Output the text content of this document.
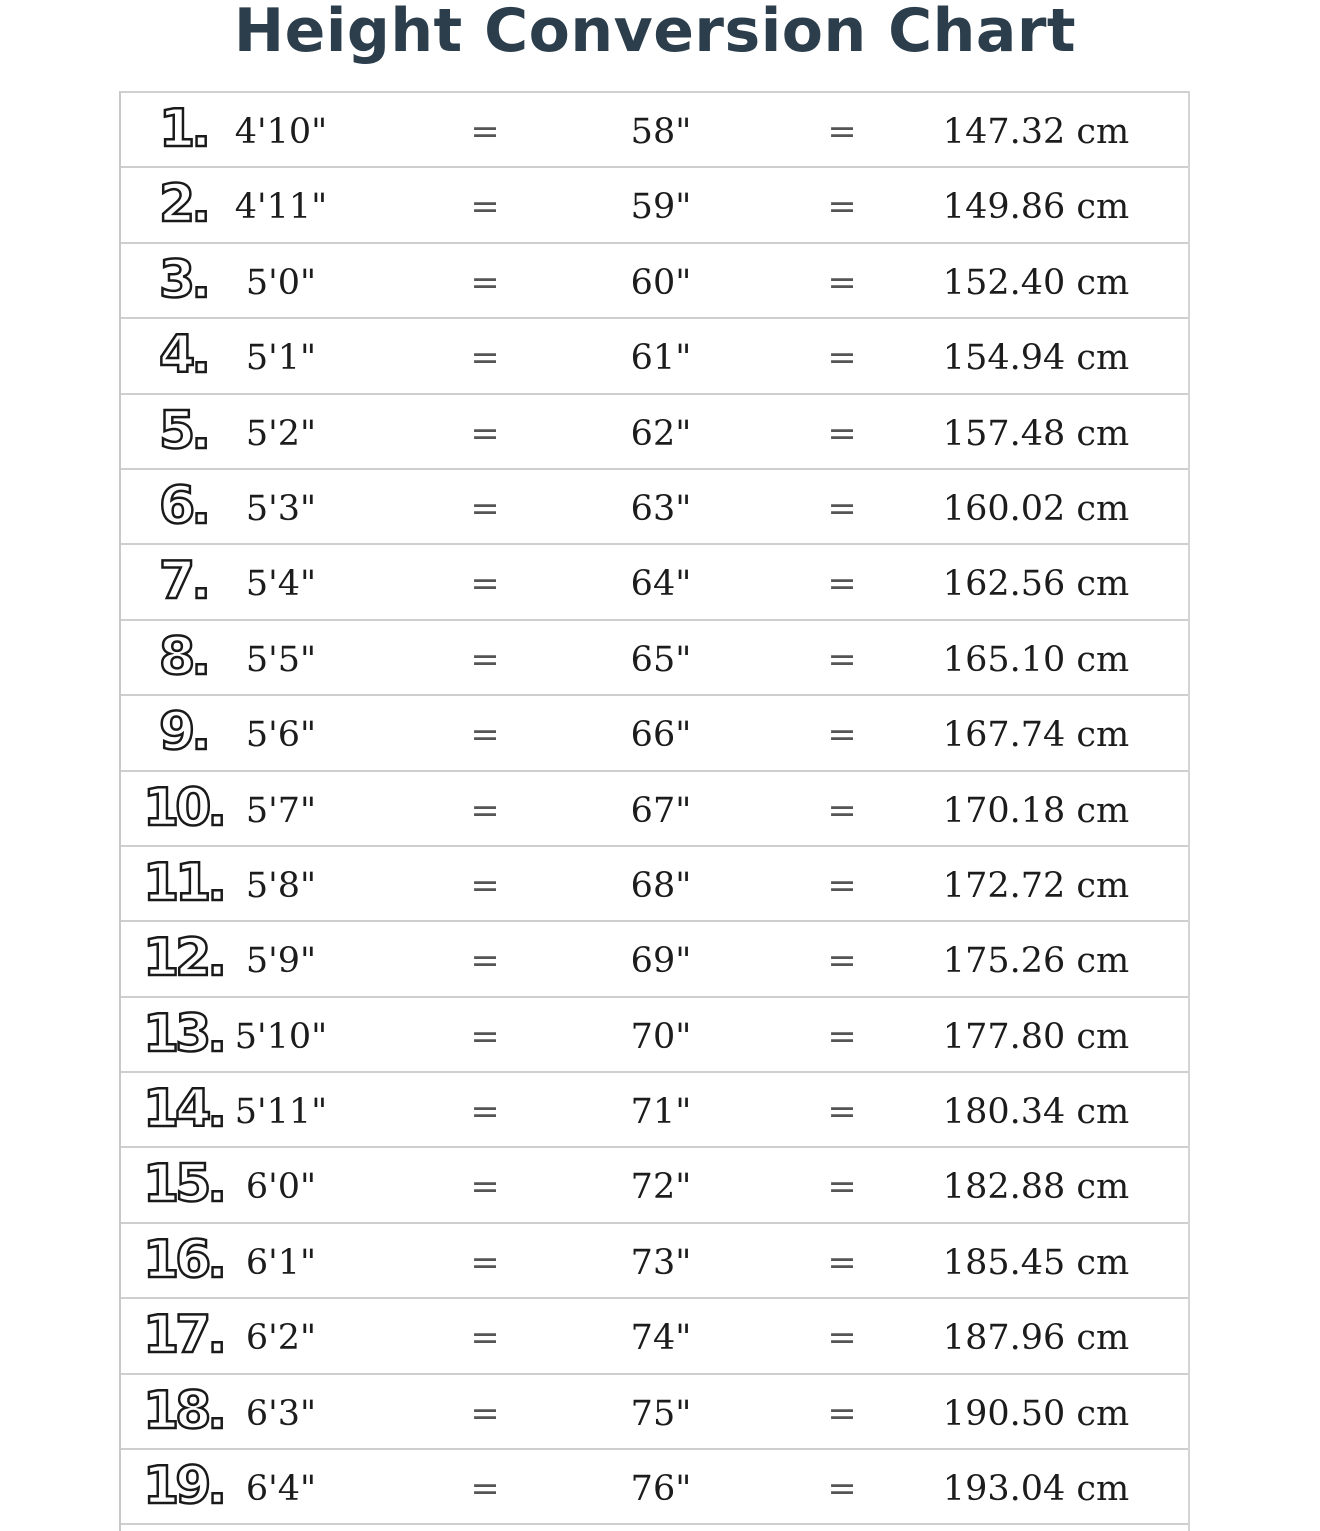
Height Conversion Chart
1. 4'10"	=	58"	=	147.32 cm
2. 4'11"	=	59"	=	149.86 cm
3.	5'0"	=	60"	=	152.40 cm
4.	5'1"	=	61"	=	154.94 cm
5.	5'2"	=	62"	=	157.48 cm
6.	5'3"	=	63"	=	160.02 cm
7.	5'4"	=	64"	=	162.56 cm
8.	5'5"	=	65"	=	165.10 cm
9.	5'6"	=	66"	=	167.74 cm
10. 5'7"	=	67"	=	170.18 cm
11. 5'8"	=	68"	=	172.72 cm
12. 5'9"	=	69"	=	175.26 cm
13. 5'10"	=	70"	=	177.80 cm
14. 5'11"	=	71"	=	180.34 cm
15. 6'0"	=	72"	=	182.88 cm
16. 6'1"	=	73"	=	185.45 cm
17. 6'2"	=	74"	=	187.96 cm
18. 6'3"	=	75"	=	190.50 cm
19. 6'4"	=	76"	=	193.04 cm
